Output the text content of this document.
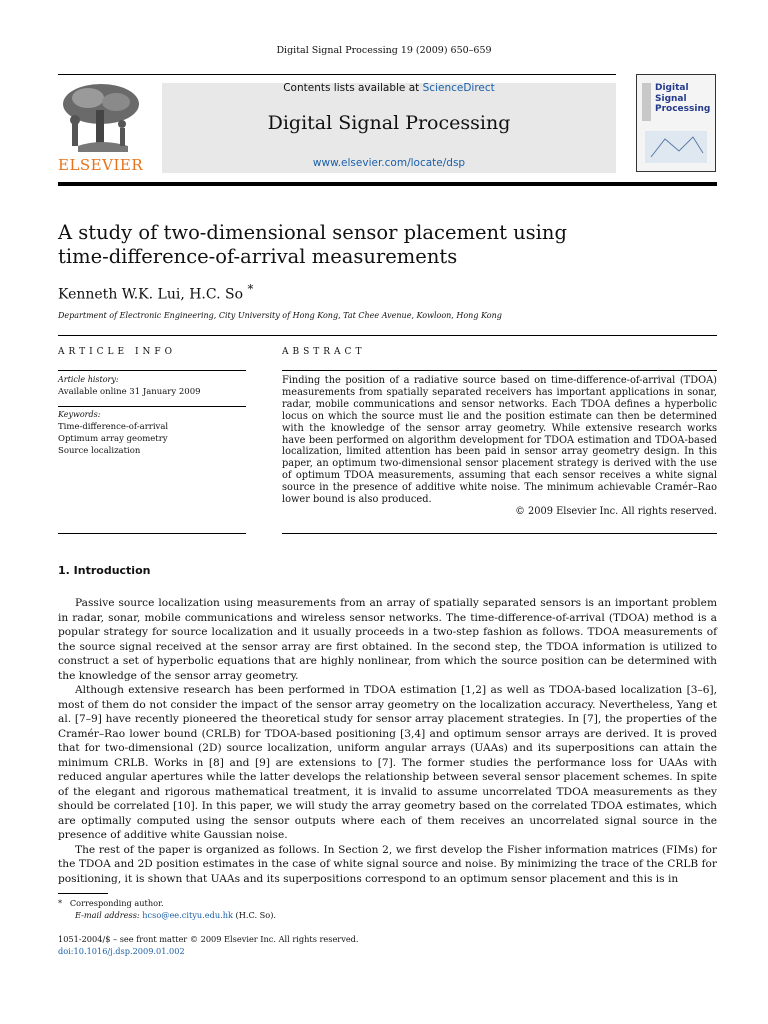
Digital Signal Processing 19 (2009) 650–659
ELSEVIER
Contents lists available at ScienceDirect
Digital Signal Processing
www.elsevier.com/locate/dsp
Digital
Signal
Processing
A study of two-dimensional sensor placement using
time-difference-of-arrival measurements
Kenneth W.K. Lui, H.C. So *
Department of Electronic Engineering, City University of Hong Kong, Tat Chee Avenue, Kowloon, Hong Kong
ARTICLE INFO	ABSTRACT
Article history:
Available online 31 January 2009
Keywords:
Time-difference-of-arrival
Optimum array geometry
Source localization
Finding the position of a radiative source based on time-difference-of-arrival (TDOA) measurements from spatially separated receivers has important applications in sonar, radar, mobile communications and sensor networks. Each TDOA defines a hyperbolic locus on which the source must lie and the position estimate can then be determined with the knowledge of the sensor array geometry. While extensive research works have been performed on algorithm development for TDOA estimation and TDOA-based localization, limited attention has been paid in sensor array geometry design. In this paper, an optimum two-dimensional sensor placement strategy is derived with the use of optimum TDOA measurements, assuming that each sensor receives a white signal source in the presence of additive white noise. The minimum achievable Cramér–Rao lower bound is also produced.
© 2009 Elsevier Inc. All rights reserved.
1. Introduction

Passive source localization using measurements from an array of spatially separated sensors is an important problem in radar, sonar, mobile communications and wireless sensor networks. The time-difference-of-arrival (TDOA) method is a popular strategy for source localization and it usually proceeds in a two-step fashion as follows. TDOA measurements of the source signal received at the sensor array are first obtained. In the second step, the TDOA information is utilized to construct a set of hyperbolic equations that are highly nonlinear, from which the source position can be determined with the knowledge of the sensor array geometry.

Although extensive research has been performed in TDOA estimation [1,2] as well as TDOA-based localization [3–6], most of them do not consider the impact of the sensor array geometry on the localization accuracy. Nevertheless, Yang et al. [7–9] have recently pioneered the theoretical study for sensor array placement strategies. In [7], the properties of the Cramér–Rao lower bound (CRLB) for TDOA-based positioning [3,4] and optimum sensor arrays are derived. It is proved that for two-dimensional (2D) source localization, uniform angular arrays (UAAs) and its superpositions can attain the minimum CRLB. Works in [8] and [9] are extensions to [7]. The former studies the performance loss for UAAs with reduced angular apertures while the latter develops the relationship between several sensor placement schemes. In spite of the elegant and rigorous mathematical treatment, it is invalid to assume uncorrelated TDOA measurements as they should be correlated [10]. In this paper, we will study the array geometry based on the correlated TDOA estimates, which are optimally computed using the sensor outputs where each of them receives an uncorrelated signal source in the presence of additive white Gaussian noise.

The rest of the paper is organized as follows. In Section 2, we first develop the Fisher information matrices (FIMs) for the TDOA and 2D position estimates in the case of white signal source and noise. By minimizing the trace of the CRLB for positioning, it is shown that UAAs and its superpositions correspond to an optimum sensor placement and this is in

* Corresponding author.
E-mail address: hcso@ee.cityu.edu.hk (H.C. So).
1051-2004/$ – see front matter © 2009 Elsevier Inc. All rights reserved.
doi:10.1016/j.dsp.2009.01.002
